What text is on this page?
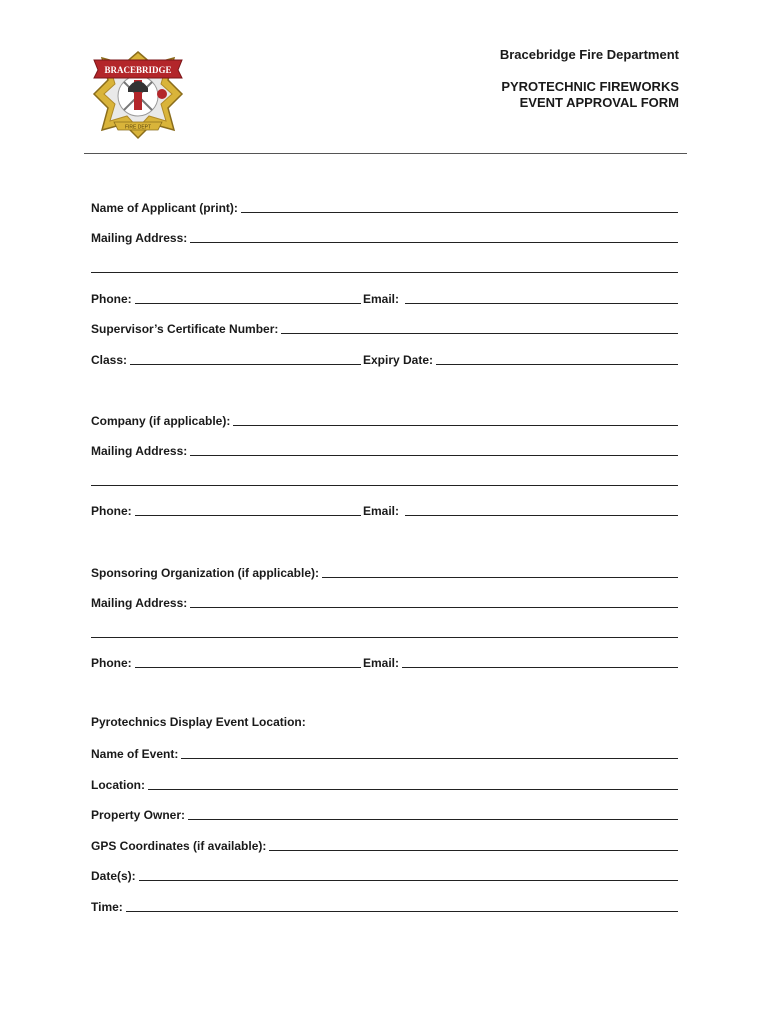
BRACEBRIDGE
FIRE DEPT
Bracebridge Fire Department
PYROTECHNIC FIREWORKS
EVENT APPROVAL FORM
Name of Applicant (print):
Mailing Address:
Phone:	Email:
Supervisor’s Certificate Number:
Class:	Expiry Date:
Company (if applicable):
Mailing Address:
Phone:	Email:
Sponsoring Organization (if applicable):
Mailing Address:
Phone:	Email:
Pyrotechnics Display Event Location:
Name of Event:
Location:
Property Owner:
GPS Coordinates (if available):
Date(s):
Time:
